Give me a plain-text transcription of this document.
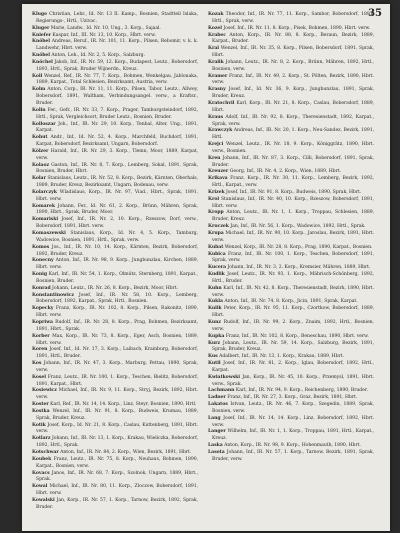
35

Kluge Christian, Lehr., Id. Nr. 13 II. Kamp., Bosnien, Stadtteil Islaka, Regierungs-, Hrtl., Uzivac.

Kluger Marie, Landw., Id. Nr. 10, Ung., 3. Korp., Sajaal.

Kniefer Kaspar, Inf., III. Nr. 13, 10. Korp., Hbrt. verw.

Knöbel Andreas, Beruf., IR. Nr. 101, 11. Korp., Pilsen, Rebomir, v. k. k. Landwehr, Hbrt. verw.

Knöbel Anton, Leh., Id. Nr. 2, 5. Korp., Salzburg.

Knöchel Jakob, Inf., IR. Nr. 59, 12. Korp., Budapest, Leutz., Bobersdorf, 1893, Hrtl., Sprak, Bruder Wijnerdn., Kreuz.

Koll Wenzel, Ref., IR. Nr. 77, 7. Korp., Bohmen, Wenkelgau, Jablonaka, 1889, Karpat., Total Schlesien, Bezirksamt, Austria, verw.

Kolm Anton, Corp., IR. Nr. 11, 11. Korp., Pilsen, Tabor, Leutz., Allwey, Bobersdorf, 1891, Waltham, Verbindungsangel. verw., a Kraftsr., Bruder.

Kolin Fer., Gefr., IR. Nr. 33, 7. Korp., Prager, Tamburgsteindorf, 1892, Hrtl., Sprak, Vergleichsort, Bruder Leutz., Bosnien, Bruder.

Kolloszar Joh., Inf., IR. Nr. 29, 10. Korp., Tenbal, Alter, Ung., 1891, Karpat.

Kohut Andr., Inf., Id. Nr. 52, 4. Korp., Marchfeld, Buchdorf, 1891, Karpat, Bobersdorf, Bezirksamt, Ungarn, Bobersdorf.

Kölzer Harald, Inf., IR. Nr. 29, 3. Korp., Tlemn, Moor, 1889, Karpat, verw.

Kolaoz Gaston, Inf., IR. Nr. 8, 7. Korp., Lemberg, Sokal, 1891, Sprak, Bosnien, Bruder, Hbrt.

Kolar Stanislaus, Leutz., IR. Nr. 52, 8. Korp., Bezirk, Kärnten, Oberhals, 1889, Bruder, Kreuz, Bezirksamt, Ungarn, Bodenau, verw.

Kolarczyk Wladislaus, Korp., IR. Nr. 97, Viad., Hbrt., Sprak, 1891, Hbrt. verw.

Komarek Johann, Fer., Id. Nr. 61, 2. Korp., Brünn, Mähren, Sprak, 1890, Hbrt., Sprak, Bruder, Moor.

Komariski Josef, Inf., IR. Nr. 2, 10. Korp., Rzeszow, Dorf, verw., Bobersdorf, 1891, Hbrt. verw.

Komaszewski Stanislaus, Korp., Id. Nr. 4, 5. Korp., Tamburg, Wadowice, Bosnien, 1891, Hrtl., Sprak, verw.

Komos Jos., Inf., IR. Nr. 10, 14. Korp., Kärnten, Bezirk, Bobersdorf, 1892, Bruder, Kreuz.

Konecny Anton, Inf., IR. Nr. 98, 9. Korp., Jungbunzlau, Kirchen, 1889, Hbrt. verw.

Konig Karl, Inf., IR. Nr. 54, 1. Korp., Olmütz, Sternberg, 1891, Karpat., Bosnien, Bruder.

Konrad Johann, Leutz., IR. Nr. 26, 8. Korp., Bezirk, Moor, Hbrt.

Konstantinowicz Josef, Inf., IR. Nr. 58, 10. Korp., Lemberg, Bobersdorf, 1892, Karpat., Sprak, Hrtl., Bosnien.

Kopecky Franz, Korp., IR. Nr. 102, 8. Korp., Pilsen, Rakonitz, 1890, Hbrt. verw.

Kopriwa Rudolf, Inf., IR. Nr. 28, 8. Korp., Prag, Bohmen, Bezirksamt, 1891, Hbrt., Sprak.

Korber Max, Korp., IR. Nr. 73, 8. Korp., Eger, Asch, Bosnien, 1889, Hbrt. verw.

Koren Josef, Inf., Id. Nr. 17, 3. Korp., Laibach, Krainburg, Bobersdorf, 1891, Hrtl., Bruder.

Kos Johann, Inf., IR. Nr. 47, 3. Korp., Marburg, Pettau, 1890, Sprak, verw.

Kosel Franz, Leutz., IR. Nr. 100, 1. Korp., Teschen, Bielitz, Bobersdorf, 1891, Karpat., Hbrt.

Kosiewicz Michael, Inf., IR. Nr. 9, 11. Korp., Stryj, Bezirk, 1892, Hbrt. verw.

Koster Karl, Ref., IR. Nr. 14, 14. Korp., Linz, Steyr, Bosnien, 1890, Hrtl.

Kostka Wenzel, Inf., IR. Nr. 91, 8. Korp., Budweis, Krumau, 1889, Sprak, Bruder, Kreuz.

Kotik Josef, Korp., Id. Nr. 21, 8. Korp., Caslau, Kuttenberg, 1891, Hbrt. verw.

Kotlarz Johann, Inf., IR. Nr. 13, 1. Korp., Krakau, Wieliczka, Bobersdorf, 1892, Hrtl., Sprak.

Kotschwar Anton, Inf., IR. Nr. 84, 2. Korp., Wien, Bezirk, 1891, Hbrt.

Koubek Franz, Leutz., IR. Nr. 75, 8. Korp., Neuhaus, Bohmen, 1890, Karpat., Bosnien, verw.

Kovacs Janos, Inf., IR. Nr. 68, 7. Korp., Szolnok, Ungarn, 1889, Hbrt., Sprak.

Kowal Michael, Inf., IR. Nr. 80, 11. Korp., Zloczow, Bobersdorf, 1891, Hbrt. verw.

Kowalski Jan, Korp., IR. Nr. 57, 1. Korp., Tarnow, Bezirk, 1892, Sprak, Bruder.

Kozak Theodor, Inf., IR. Nr. 77, 11. Korp., Sambor, Bobersdorf, 1891, Hrtl., Sprak, verw.

Kozel Josef, Inf., IR. Nr. 11, 8. Korp., Pisek, Bohmen, 1890, Hbrt. verw.

Krabec Anton, Korp., IR. Nr. 88, 8. Korp., Beraun, Bezirk, 1889, Karpat., Bruder.

Kral Wenzel, Inf., IR. Nr. 35, 8. Korp., Pilsen, Bobersdorf, 1891, Sprak, Hbrt.

Kralik Johann, Leutz., IR. Nr. 8, 2. Korp., Brünn, Mähren, 1892, Hrtl., Bosnien, verw.

Kramer Franz, Inf., IR. Nr. 49, 2. Korp., St. Pölten, Bezirk, 1890, Hbrt. verw.

Krasny Josef, Inf., Id. Nr. 36, 9. Korp., Jungbunzlau, 1891, Sprak, Bruder, Kreuz.

Kratochvil Karl, Korp., IR. Nr. 21, 8. Korp., Caslau, Bobersdorf, 1889, Hbrt.

Kraus Adolf, Inf., IR. Nr. 92, 8. Korp., Theresienstadt, 1892, Karpat., Sprak, verw.

Krawczyk Andreas, Inf., IR. Nr. 20, 1. Korp., Neu-Sandez, Bezirk, 1891, Hrtl.

Krejci Wenzel, Leutz., IR. Nr. 18, 9. Korp., Königgrätz, 1890, Hbrt. verw., Bosnien.

Kren Johann, Inf., IR. Nr. 87, 3. Korp., Cilli, Bobersdorf, 1891, Sprak, Bruder.

Kreuzer Georg, Inf., IR. Nr. 4, 2. Korp., Wien, 1889, Hbrt.

Krikava Franz, Korp., IR. Nr. 30, 11. Korp., Lemberg, Bezirk, 1892, Hrtl., Karpat., verw.

Krizek Josef, Inf., IR. Nr. 91, 8. Korp., Budweis, 1890, Sprak, Hbrt.

Krol Stanislaus, Inf., IR. Nr. 40, 10. Korp., Rzeszow, Bobersdorf, 1891, Hbrt. verw.

Kropp Anton, Leutz., IR. Nr. 1, 1. Korp., Troppau, Schlesien, 1889, Bruder, Kreuz.

Kruczek Jan, Inf., IR. Nr. 56, 1. Korp., Wadowice, 1892, Hrtl., Sprak.

Krupa Michael, Inf., IR. Nr. 90, 10. Korp., Jaroslau, Bezirk, 1891, Hbrt. verw.

Kubat Wenzel, Korp., IR. Nr. 28, 8. Korp., Prag, 1890, Karpat., Bosnien.

Kubica Franz, Inf., IR. Nr. 100, 1. Korp., Teschen, Bobersdorf, 1891, Sprak, verw.

Kucera Johann, Inf., IR. Nr. 3, 2. Korp., Kremsier, Mähren, 1889, Hbrt.

Kudlik Josef, Leutz., IR. Nr. 93, 1. Korp., Mährisch-Schönberg, 1892, Hrtl., Bruder.

Kuhn Karl, Inf., IR. Nr. 42, 8. Korp., Theresienstadt, Bezirk, 1890, Hbrt. verw.

Kukla Anton, Inf., IR. Nr. 74, 8. Korp., Jicin, 1891, Sprak, Karpat.

Kulik Peter, Korp., IR. Nr. 95, 11. Korp., Czortkow, Bobersdorf, 1889, Hbrt.

Kunz Rudolf, Inf., IR. Nr. 99, 2. Korp., Znaim, 1892, Hrtl., Bosnien, verw.

Kupka Franz, Inf., IR. Nr. 102, 8. Korp., Beneschau, 1890, Hbrt. verw.

Kurz Johann, Leutz., IR. Nr. 59, 14. Korp., Salzburg, Bezirk, 1891, Sprak, Bruder, Kreuz.

Kus Adalbert, Inf., IR. Nr. 13, 1. Korp., Krakau, 1889, Hbrt.

Kutil Josef, Inf., IR. Nr. 81, 2. Korp., Iglau, Bobersdorf, 1892, Hrtl., Karpat.

Kwiatkowski Jan, Korp., IR. Nr. 45, 10. Korp., Przemysl, 1891, Hbrt. verw., Sprak.

Lachmann Karl, Inf., IR. Nr. 94, 9. Korp., Reichenberg, 1890, Bruder.

Ladner Franz, Inf., IR. Nr. 27, 3. Korp., Graz, Bezirk, 1891, Hbrt.

Lakatos Istvan, Leutz., IR. Nr. 46, 7. Korp., Szegedin, 1889, Sprak, Bosnien, verw.

Lang Josef, Inf., IR. Nr. 14, 14. Korp., Linz, Bobersdorf, 1892, Hbrt. verw.

Langer Wilhelm, Inf., IR. Nr. 1, 1. Korp., Troppau, 1891, Hrtl., Karpat., Kreuz.

Laska Anton, Korp., IR. Nr. 98, 9. Korp., Hohenmauth, 1890, Hbrt.

Lasota Johann, Inf., IR. Nr. 57, 1. Korp., Tarnow, Bezirk, 1891, Sprak, Bruder, verw.
